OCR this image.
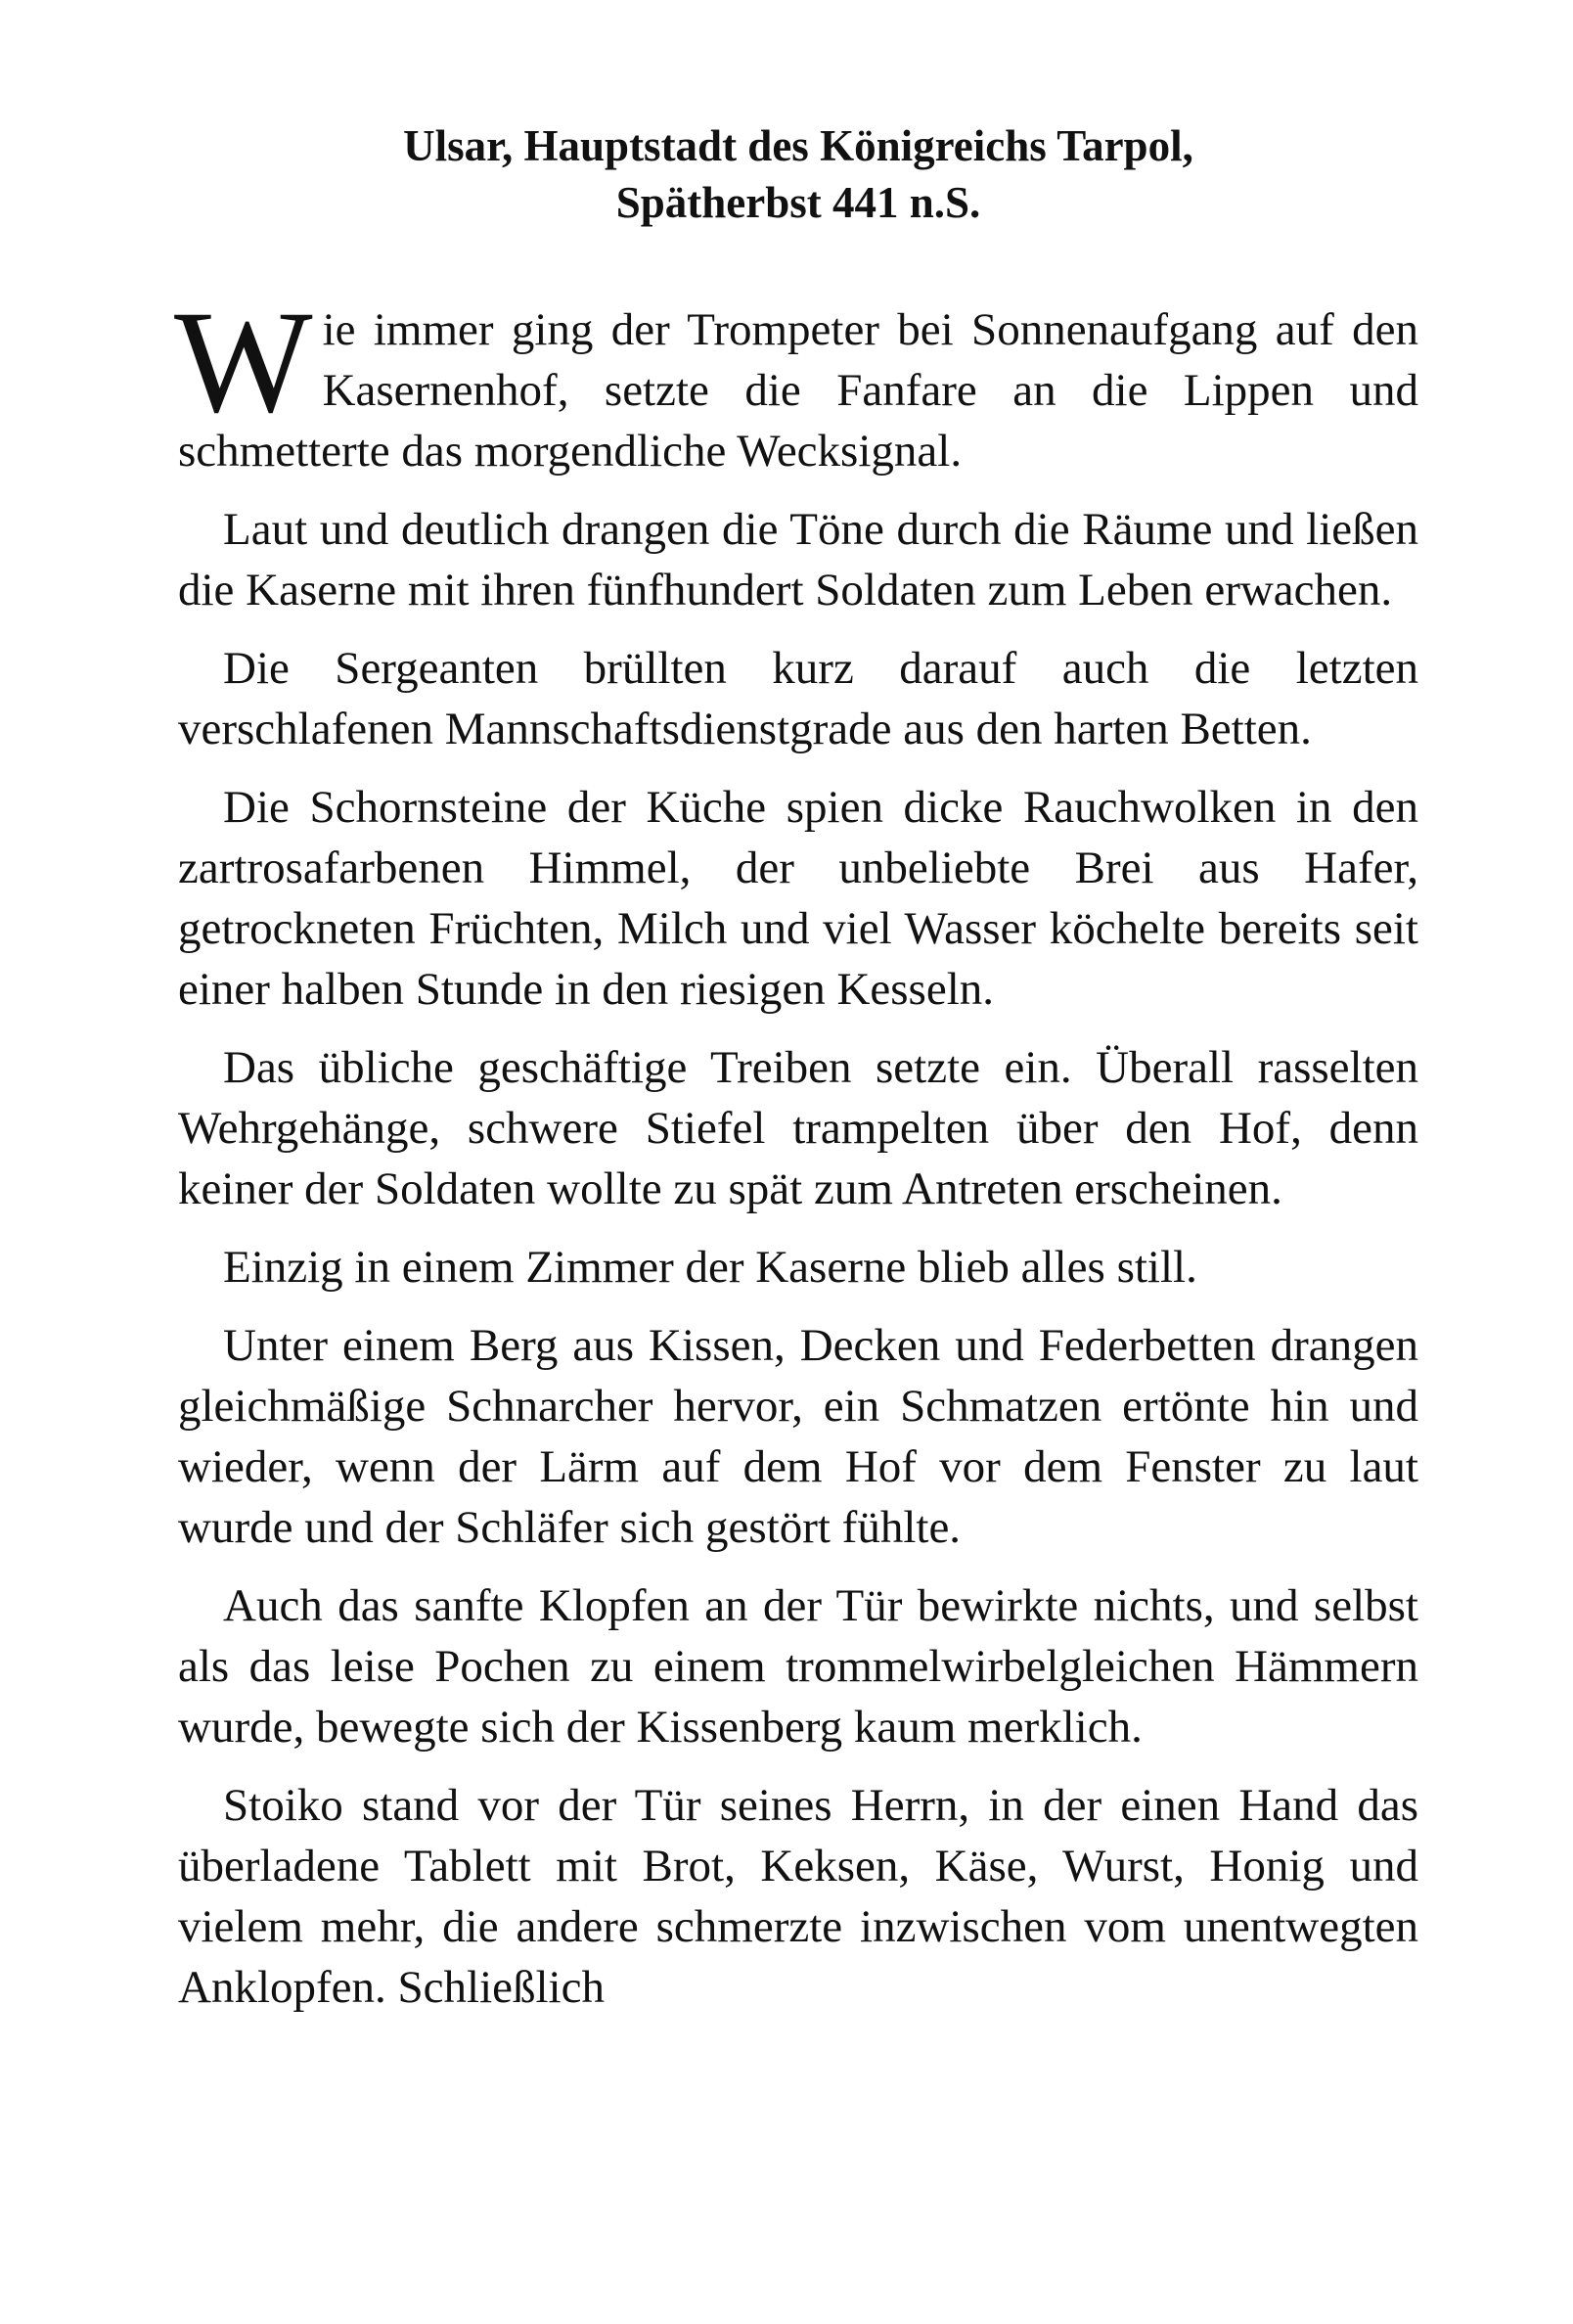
Ulsar, Hauptstadt des Königreichs Tarpol,
Spätherbst 441 n.S.

Wie immer ging der Trompeter bei Sonnenaufgang auf den Kasernenhof, setzte die Fanfare an die Lippen und schmetterte das morgendliche Wecksignal.

Laut und deutlich drangen die Töne durch die Räume und ließen die Kaserne mit ihren fünfhundert Soldaten zum Leben erwachen.

Die Sergeanten brüllten kurz darauf auch die letzten verschlafenen Mannschaftsdienstgrade aus den harten Betten.

Die Schornsteine der Küche spien dicke Rauchwolken in den zartrosafarbenen Himmel, der unbeliebte Brei aus Hafer, getrockneten Früchten, Milch und viel Wasser köchelte bereits seit einer halben Stunde in den riesigen Kesseln.

Das übliche geschäftige Treiben setzte ein. Überall rasselten Wehrgehänge, schwere Stiefel trampelten über den Hof, denn keiner der Soldaten wollte zu spät zum Antreten erscheinen.

Einzig in einem Zimmer der Kaserne blieb alles still.

Unter einem Berg aus Kissen, Decken und Federbetten drangen gleichmäßige Schnarcher hervor, ein Schmatzen ertönte hin und wieder, wenn der Lärm auf dem Hof vor dem Fenster zu laut wurde und der Schläfer sich gestört fühlte.

Auch das sanfte Klopfen an der Tür bewirkte nichts, und selbst als das leise Pochen zu einem trommelwirbelgleichen Hämmern wurde, bewegte sich der Kissenberg kaum merklich.

Stoiko stand vor der Tür seines Herrn, in der einen Hand das überladene Tablett mit Brot, Keksen, Käse, Wurst, Honig und vielem mehr, die andere schmerzte inzwischen vom unentwegten Anklopfen. Schließlich
